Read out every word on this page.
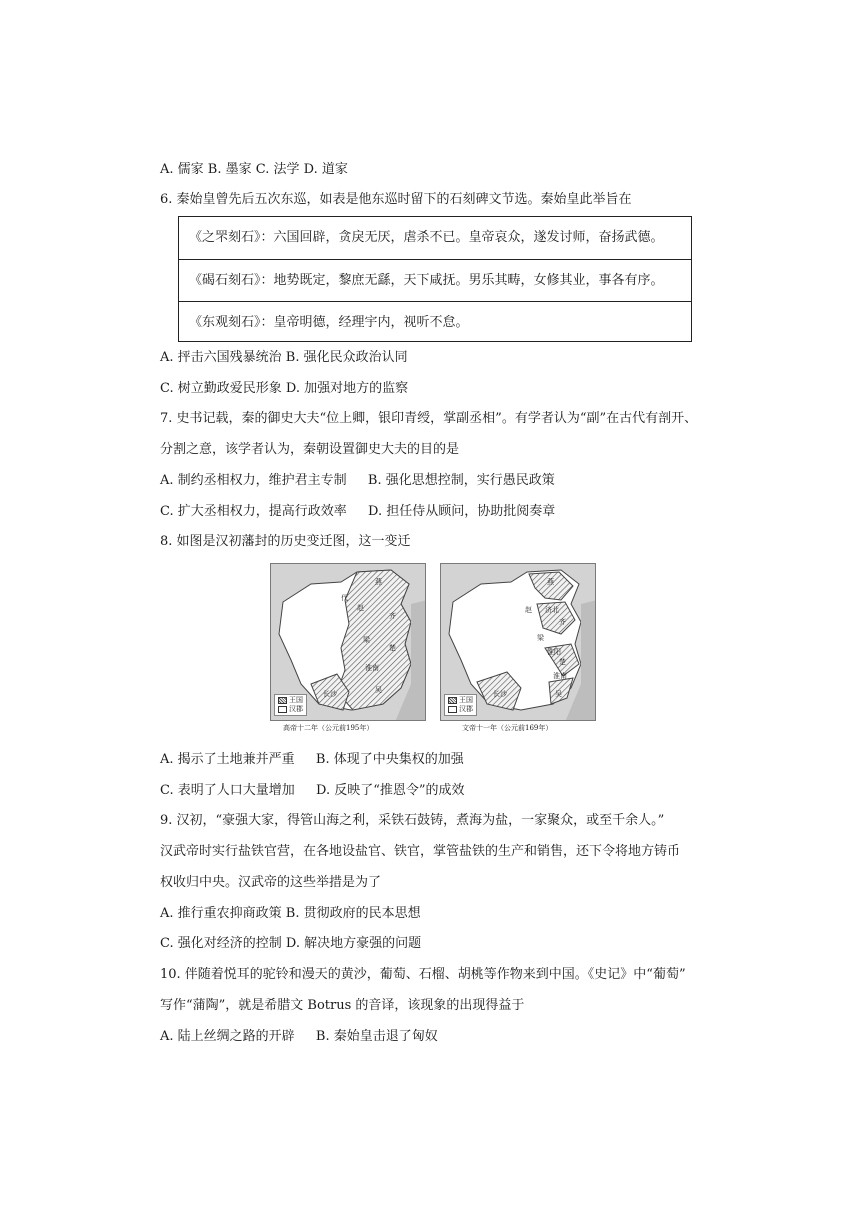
A. 儒家 B. 墨家 C. 法学 D. 道家
6. 秦始皇曾先后五次东巡，如表是他东巡时留下的石刻碑文节选。秦始皇此举旨在
《之罘刻石》：六国回辟，贪戾无厌，虐杀不已。皇帝哀众，遂发讨师，奋扬武德。
《碣石刻石》：地势既定，黎庶无繇，天下咸抚。男乐其畴，女修其业，事各有序。
《东观刻石》：皇帝明德，经理宇内，视听不怠。
A. 抨击六国残暴统治 B. 强化民众政治认同
C. 树立勤政爱民形象 D. 加强对地方的监察
7. 史书记载，秦的御史大夫“位上卿，银印青绶，掌副丞相”。有学者认为“副”在古代有剖开、
分割之意，该学者认为，秦朝设置御史大夫的目的是
A. 制约丞相权力，维护君主专制 　 B. 强化思想控制，实行愚民政策
C. 扩大丞相权力，提高行政效率 　 D. 担任侍从顾问，协助批阅奏章
8. 如图是汉初藩封的历史变迁图，这一变迁
燕
赵
齐
代
梁
楚
淮南
长沙	吴
王国
汉郡
高帝十二年（公元前195年）
燕
赵 济北
齐
梁
淮阳
楚
长沙
淮南
吴
王国
汉郡
文帝十一年（公元前169年）
A. 揭示了土地兼并严重 　 B. 体现了中央集权的加强
C. 表明了人口大量增加 　 D. 反映了“推恩令”的成效
9. 汉初，“豪强大家，得管山海之利，采铁石鼓铸，煮海为盐，一家聚众，或至千余人。”
汉武帝时实行盐铁官营，在各地设盐官、铁官，掌管盐铁的生产和销售，还下令将地方铸币
权收归中央。汉武帝的这些举措是为了
A. 推行重农抑商政策 B. 贯彻政府的民本思想
C. 强化对经济的控制 D. 解决地方豪强的问题
10. 伴随着悦耳的驼铃和漫天的黄沙，葡萄、石榴、胡桃等作物来到中国。《史记》中“葡萄”
写作“蒲陶”，就是希腊文 Botrus 的音译，该现象的出现得益于
A. 陆上丝绸之路的开辟 　 B. 秦始皇击退了匈奴
